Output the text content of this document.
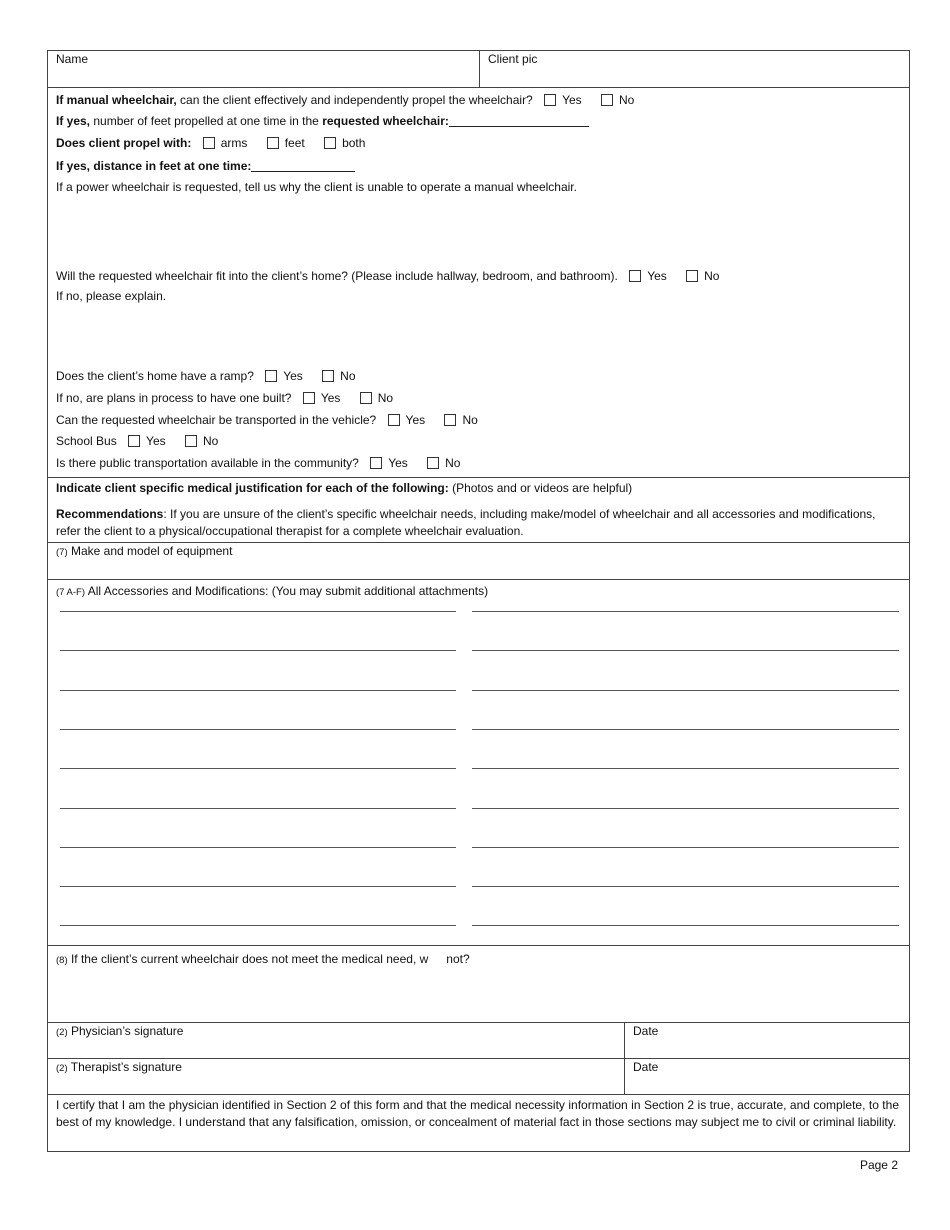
Name	Client pic
If manual wheelchair, can the client effectively and independently propel the wheelchair? Yes	No
If yes, number of feet propelled at one time in the requested wheelchair:
Does client propel with: arms	feet	both
If yes, distance in feet at one time:
If a power wheelchair is requested, tell us why the client is unable to operate a manual wheelchair.
Will the requested wheelchair fit into the client’s home? (Please include hallway, bedroom, and bathroom). Yes	No
If no, please explain.
Does the client’s home have a ramp? Yes	No
If no, are plans in process to have one built? Yes	No
Can the requested wheelchair be transported in the vehicle? Yes	No
School Bus Yes	No
Is there public transportation available in the community? Yes	No
Indicate client specific medical justification for each of the following: (Photos and or videos are helpful)
Recommendations: If you are unsure of the client’s specific wheelchair needs, including make/model of wheelchair and all accessories and modifications, refer the client to a physical/occupational therapist for a complete wheelchair evaluation.
(7) Make and model of equipment
(7 A-F) All Accessories and Modifications: (You may submit additional attachments)
(8) If the client’s current wheelchair does not meet the medical need, w not?
(2) Physician’s signature	Date
(2) Therapist’s signature	Date
I certify that I am the physician identified in Section 2 of this form and that the medical necessity information in Section 2 is true, accurate, and complete, to the best of my knowledge. I understand that any falsification, omission, or concealment of material fact in those sections may subject me to civil or criminal liability.
Page 2
